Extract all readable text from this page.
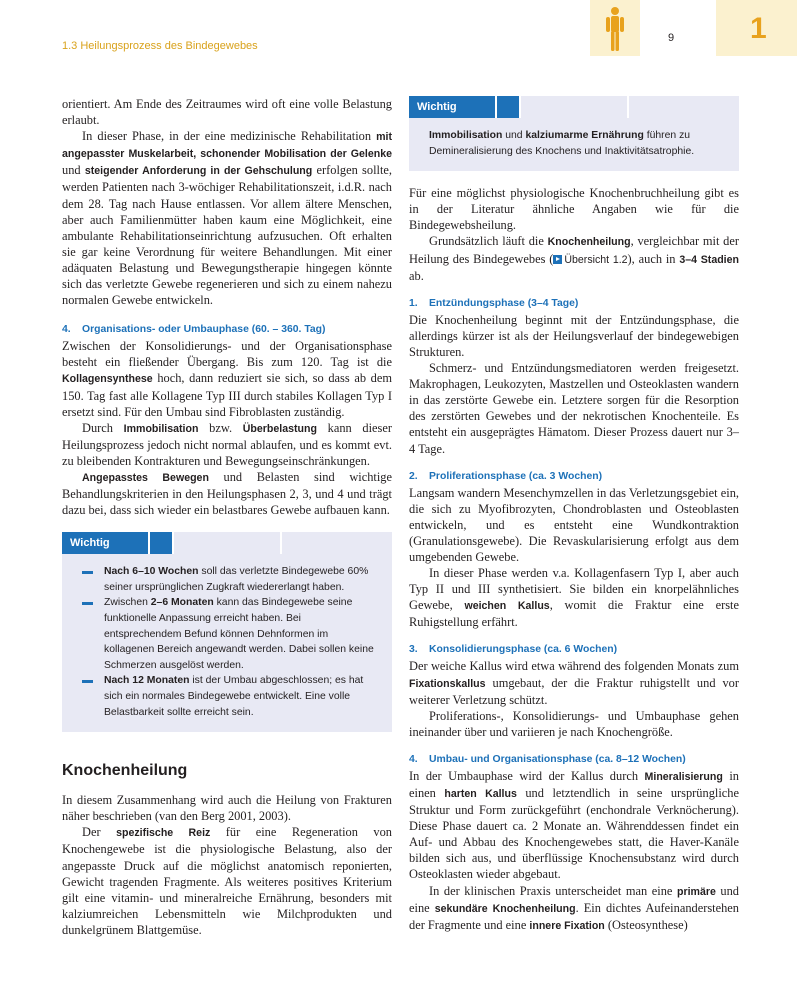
1.3 Heilungsprozess des Bindegewebes
9	1

orientiert. Am Ende des Zeitraumes wird oft eine volle Belastung erlaubt.

In dieser Phase, in der eine medizinische Rehabilitation mit angepasster Muskelarbeit, schonender Mobilisation der Gelenke und steigender Anforderung in der Gehschulung erfolgen sollte, werden Patienten nach 3-wöchiger Rehabilitationszeit, i.d.R. nach dem 28. Tag nach Hause entlassen. Vor allem ältere Menschen, aber auch Familienmütter haben kaum eine Möglichkeit, eine ambulante Rehabilitationseinrichtung aufzusuchen. Oft erhalten sie gar keine Verordnung für weitere Behandlungen. Mit einer adäquaten Belastung und Bewegungstherapie hingegen könnte sich das verletzte Gewebe regenerieren und sich zu einem nahezu normalen Gewebe entwickeln.

4. Organisations- oder Umbauphase (60. – 360. Tag)

Zwischen der Konsolidierungs- und der Organisationsphase besteht ein fließender Übergang. Bis zum 120. Tag ist die Kollagensynthese hoch, dann reduziert sie sich, so dass ab dem 150. Tag fast alle Kollagene Typ III durch stabiles Kollagen Typ I ersetzt sind. Für den Umbau sind Fibroblasten zuständig.

Durch Immobilisation bzw. Überbelastung kann dieser Heilungsprozess jedoch nicht normal ablaufen, und es kommt evt. zu bleibenden Kontrakturen und Bewegungseinschränkungen.

Angepasstes Bewegen und Belasten sind wichtige Behandlungskriterien in den Heilungsphasen 2, 3, und 4 und trägt dazu bei, dass sich wieder ein belastbares Gewebe aufbauen kann.

Wichtig
Nach 6–10 Wochen soll das verletzte Bindegewebe 60% seiner ursprünglichen Zugkraft wiedererlangt haben.
Zwischen 2–6 Monaten kann das Bindegewebe seine funktionelle Anpassung erreicht haben. Bei entsprechendem Befund können Dehnformen im kollagenen Bereich angewandt werden. Dabei sollen keine Schmerzen ausgelöst werden.
Nach 12 Monaten ist der Umbau abgeschlossen; es hat sich ein normales Bindegewebe entwickelt. Eine volle Belastbarkeit sollte erreicht sein.
Knochenheilung

In diesem Zusammenhang wird auch die Heilung von Frakturen näher beschrieben (van den Berg 2001, 2003).

Der spezifische Reiz für eine Regeneration von Knochengewebe ist die physiologische Belastung, also der angepasste Druck auf die möglichst anatomisch reponierten, Gewicht tragenden Fragmente. Als weiteres positives Kriterium gilt eine vitamin- und mineralreiche Ernährung, besonders mit kalziumreichen Lebensmitteln wie Milchprodukten und dunkelgrünem Blattgemüse.

Wichtig
Immobilisation und kalziumarme Ernährung führen zu Demineralisierung des Knochens und Inaktivitätsatrophie.

Für eine möglichst physiologische Knochenbruchheilung gibt es in der Literatur ähnliche Angaben wie für die Bindegewebsheilung.

Grundsätzlich läuft die Knochenheilung, vergleichbar mit der Heilung des Bindegewebes ( Übersicht 1.2), auch in 3–4 Stadien ab.

1. Entzündungsphase (3–4 Tage)

Die Knochenheilung beginnt mit der Entzündungsphase, die allerdings kürzer ist als der Heilungsverlauf der bindegewebigen Strukturen.

Schmerz- und Entzündungsmediatoren werden freigesetzt. Makrophagen, Leukozyten, Mastzellen und Osteoklasten wandern in das zerstörte Gewebe ein. Letztere sorgen für die Resorption des zerstörten Gewebes und der nekrotischen Knochenteile. Es entsteht ein ausgeprägtes Hämatom. Dieser Prozess dauert nur 3–4 Tage.

2. Proliferationsphase (ca. 3 Wochen)

Langsam wandern Mesenchymzellen in das Verletzungsgebiet ein, die sich zu Myofibrozyten, Chondroblasten und Osteoblasten entwickeln, und es entsteht eine Wundkontraktion (Granulationsgewebe). Die Revaskularisierung erfolgt aus dem umgebenden Gewebe.

In dieser Phase werden v.a. Kollagenfasern Typ I, aber auch Typ II und III synthetisiert. Sie bilden ein knorpelähnliches Gewebe, weichen Kallus, womit die Fraktur eine erste Ruhigstellung erfährt.

3. Konsolidierungsphase (ca. 6 Wochen)

Der weiche Kallus wird etwa während des folgenden Monats zum Fixationskallus umgebaut, der die Fraktur ruhigstellt und vor weiterer Verletzung schützt.

Proliferations-, Konsolidierungs- und Umbauphase gehen ineinander über und variieren je nach Knochengröße.

4. Umbau- und Organisationsphase (ca. 8–12 Wochen)

In der Umbauphase wird der Kallus durch Mineralisierung in einen harten Kallus und letztendlich in seine ursprüngliche Struktur und Form zurückgeführt (enchondrale Verknöcherung). Diese Phase dauert ca. 2 Monate an. Währenddessen findet ein Auf- und Abbau des Knochengewebes statt, die Haver-Kanäle bilden sich aus, und überflüssige Knochensubstanz wird durch Osteoklasten wieder abgebaut.

In der klinischen Praxis unterscheidet man eine primäre und eine sekundäre Knochenheilung. Ein dichtes Aufeinanderstehen der Fragmente und eine innere Fixation (Osteosynthese)
